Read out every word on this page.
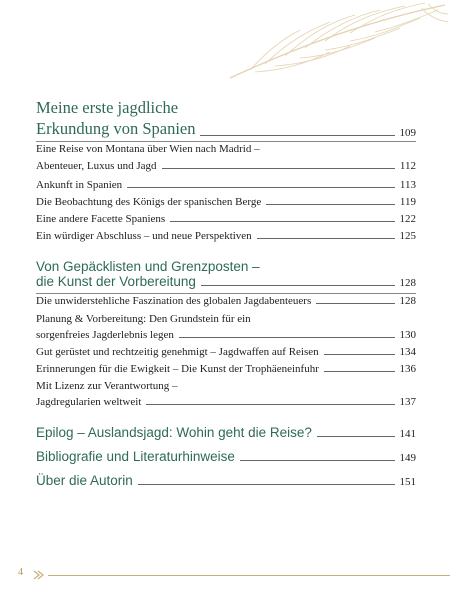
Meine erste jagdliche
Erkundung von Spanien	109
Eine Reise von Montana über Wien nach Madrid –
Abenteuer, Luxus und Jagd	112
Ankunft in Spanien	113
Die Beobachtung des Königs der spanischen Berge	119
Eine andere Facette Spaniens	122
Ein würdiger Abschluss – und neue Perspektiven	125
Von Gepäcklisten und Grenzposten –
die Kunst der Vorbereitung	128
Die unwiderstehliche Faszination des globalen Jagdabenteuers	128
Planung & Vorbereitung: Den Grundstein für ein
sorgenfreies Jagderlebnis legen	130
Gut gerüstet und rechtzeitig genehmigt – Jagdwaffen auf Reisen	134
Erinnerungen für die Ewigkeit – Die Kunst der Trophäeneinfuhr	136
Mit Lizenz zur Verantwortung –
Jagdregularien weltweit	137
Epilog – Auslandsjagd: Wohin geht die Reise?	141
Bibliografie und Literaturhinweise	149
Über die Autorin	151
4
